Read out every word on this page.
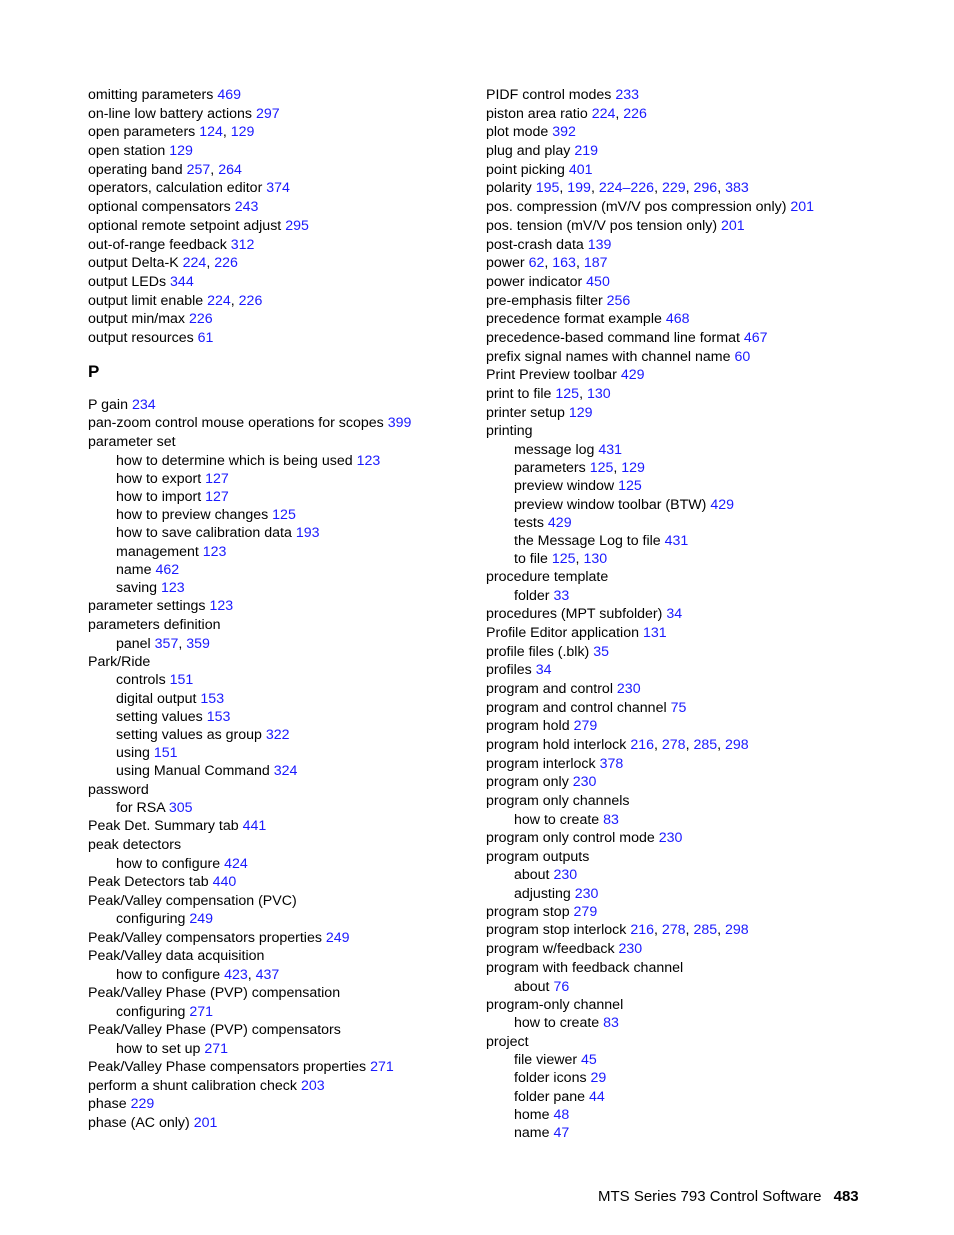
omitting parameters 469
on-line low battery actions 297
open parameters 124, 129
open station 129
operating band 257, 264
operators, calculation editor 374
optional compensators 243
optional remote setpoint adjust 295
out-of-range feedback 312
output Delta-K 224, 226
output LEDs 344
output limit enable 224, 226
output min/max 226
output resources 61
P
P gain 234
pan-zoom control mouse operations for scopes 399
parameter set
how to determine which is being used 123
how to export 127
how to import 127
how to preview changes 125
how to save calibration data 193
management 123
name 462
saving 123
parameter settings 123
parameters definition
panel 357, 359
Park/Ride
controls 151
digital output 153
setting values 153
setting values as group 322
using 151
using Manual Command 324
password
for RSA 305
Peak Det. Summary tab 441
peak detectors
how to configure 424
Peak Detectors tab 440
Peak/Valley compensation (PVC)
configuring 249
Peak/Valley compensators properties 249
Peak/Valley data acquisition
how to configure 423, 437
Peak/Valley Phase (PVP) compensation
configuring 271
Peak/Valley Phase (PVP) compensators
how to set up 271
Peak/Valley Phase compensators properties 271
perform a shunt calibration check 203
phase 229
phase (AC only) 201
PIDF control modes 233
piston area ratio 224, 226
plot mode 392
plug and play 219
point picking 401
polarity 195, 199, 224–226, 229, 296, 383
pos. compression (mV/V pos compression only) 201
pos. tension (mV/V pos tension only) 201
post-crash data 139
power 62, 163, 187
power indicator 450
pre-emphasis filter 256
precedence format example 468
precedence-based command line format 467
prefix signal names with channel name 60
Print Preview toolbar 429
print to file 125, 130
printer setup 129
printing
message log 431
parameters 125, 129
preview window 125
preview window toolbar (BTW) 429
tests 429
the Message Log to file 431
to file 125, 130
procedure template
folder 33
procedures (MPT subfolder) 34
Profile Editor application 131
profile files (.blk) 35
profiles 34
program and control 230
program and control channel 75
program hold 279
program hold interlock 216, 278, 285, 298
program interlock 378
program only 230
program only channels
how to create 83
program only control mode 230
program outputs
about 230
adjusting 230
program stop 279
program stop interlock 216, 278, 285, 298
program w/feedback 230
program with feedback channel
about 76
program-only channel
how to create 83
project
file viewer 45
folder icons 29
folder pane 44
home 48
name 47
MTS Series 793 Control Software 483
